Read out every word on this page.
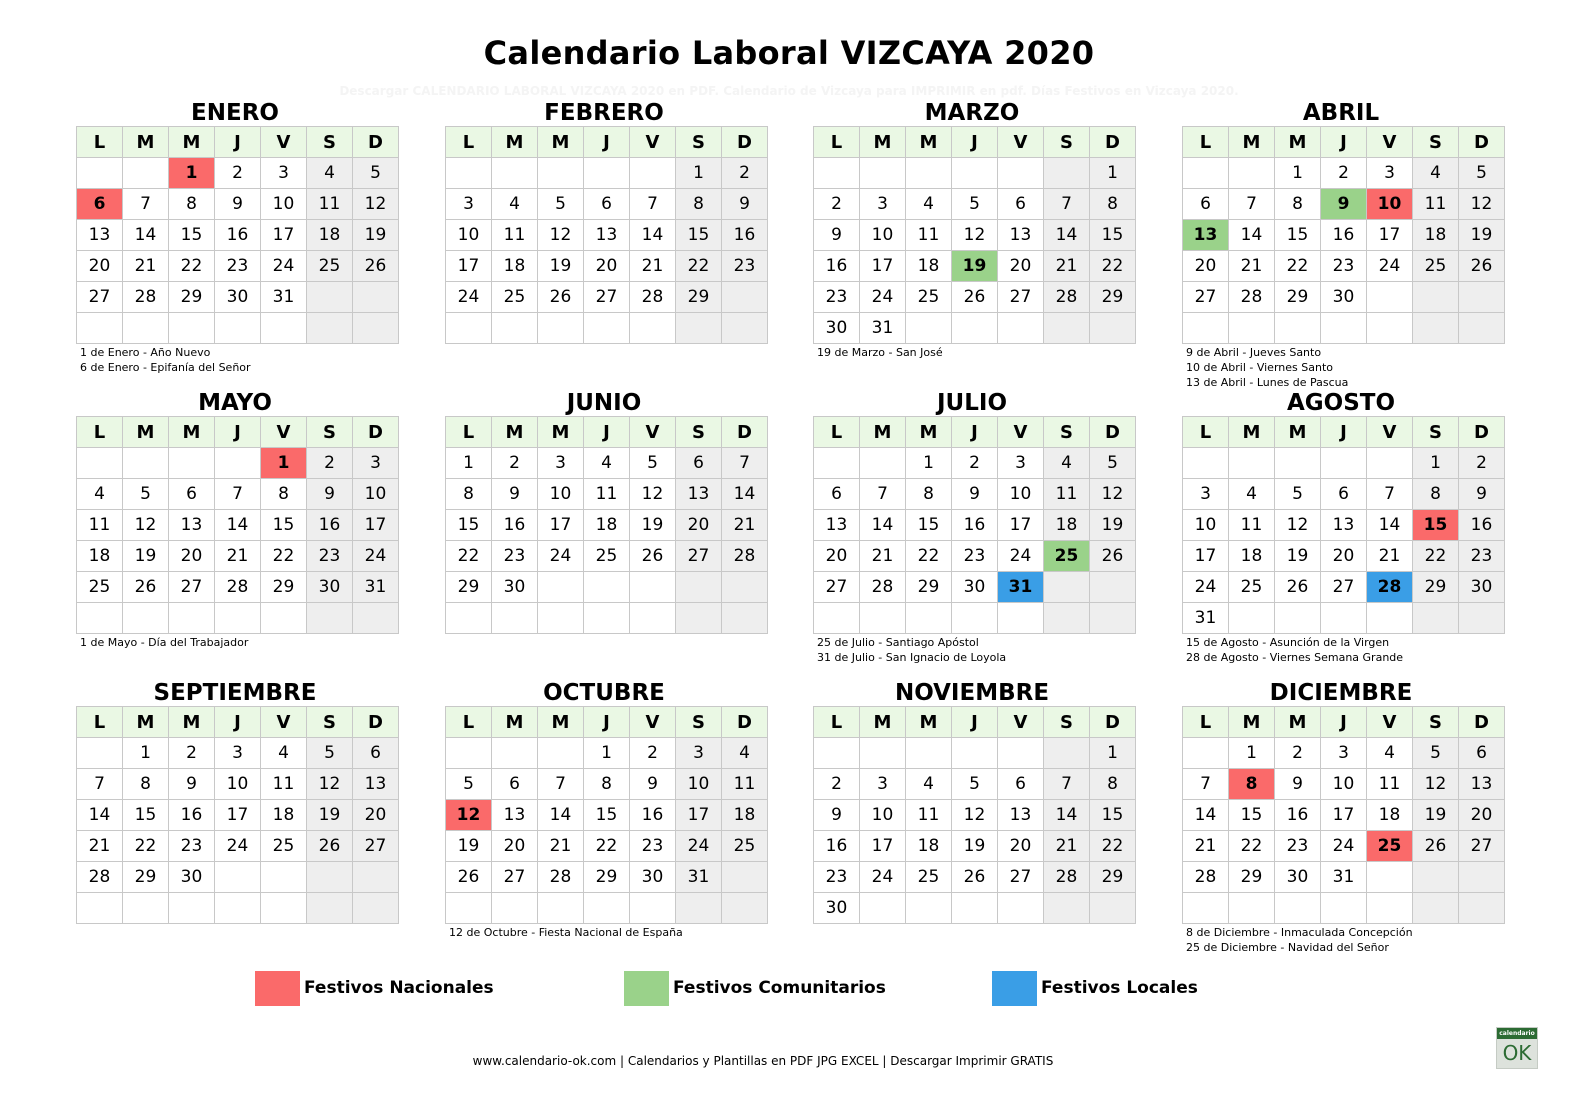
Calendario Laboral VIZCAYA 2020
Descargar CALENDARIO LABORAL VIZCAYA 2020 en PDF. Calendario de Vizcaya para IMPRIMIR en pdf. Días Festivos en Vizcaya 2020.
ENERO
L	M	M	J	V	S	D
		1	2	3	4	5
6	7	8	9	10	11	12
13	14	15	16	17	18	19
20	21	22	23	24	25	26
27	28	29	30	31		

1 de Enero - Año Nuevo
6 de Enero - Epifanía del Señor
FEBRERO
L	M	M	J	V	S	D
					1	2
3	4	5	6	7	8	9
10	11	12	13	14	15	16
17	18	19	20	21	22	23
24	25	26	27	28	29	

MARZO
L	M	M	J	V	S	D
						1
2	3	4	5	6	7	8
9	10	11	12	13	14	15
16	17	18	19	20	21	22
23	24	25	26	27	28	29
30	31					
19 de Marzo - San José
ABRIL
L	M	M	J	V	S	D
		1	2	3	4	5
6	7	8	9	10	11	12
13	14	15	16	17	18	19
20	21	22	23	24	25	26
27	28	29	30			

9 de Abril - Jueves Santo
10 de Abril - Viernes Santo
13 de Abril - Lunes de Pascua
MAYO
L	M	M	J	V	S	D
				1	2	3
4	5	6	7	8	9	10
11	12	13	14	15	16	17
18	19	20	21	22	23	24
25	26	27	28	29	30	31

1 de Mayo - Día del Trabajador
JUNIO
L	M	M	J	V	S	D
1	2	3	4	5	6	7
8	9	10	11	12	13	14
15	16	17	18	19	20	21
22	23	24	25	26	27	28
29	30					

JULIO
L	M	M	J	V	S	D
		1	2	3	4	5
6	7	8	9	10	11	12
13	14	15	16	17	18	19
20	21	22	23	24	25	26
27	28	29	30	31		

25 de Julio - Santiago Apóstol
31 de Julio - San Ignacio de Loyola
AGOSTO
L	M	M	J	V	S	D
					1	2
3	4	5	6	7	8	9
10	11	12	13	14	15	16
17	18	19	20	21	22	23
24	25	26	27	28	29	30
31						
15 de Agosto - Asunción de la Virgen
28 de Agosto - Viernes Semana Grande
SEPTIEMBRE
L	M	M	J	V	S	D
	1	2	3	4	5	6
7	8	9	10	11	12	13
14	15	16	17	18	19	20
21	22	23	24	25	26	27
28	29	30				

OCTUBRE
L	M	M	J	V	S	D
			1	2	3	4
5	6	7	8	9	10	11
12	13	14	15	16	17	18
19	20	21	22	23	24	25
26	27	28	29	30	31	

12 de Octubre - Fiesta Nacional de España
NOVIEMBRE
L	M	M	J	V	S	D
						1
2	3	4	5	6	7	8
9	10	11	12	13	14	15
16	17	18	19	20	21	22
23	24	25	26	27	28	29
30						
DICIEMBRE
L	M	M	J	V	S	D
	1	2	3	4	5	6
7	8	9	10	11	12	13
14	15	16	17	18	19	20
21	22	23	24	25	26	27
28	29	30	31			

8 de Diciembre - Inmaculada Concepción
25 de Diciembre - Navidad del Señor
Festivos Nacionales	Festivos Comunitarios	Festivos Locales
www.calendario-ok.com | Calendarios y Plantillas en PDF JPG EXCEL | Descargar Imprimir GRATIS
calendario
OK
